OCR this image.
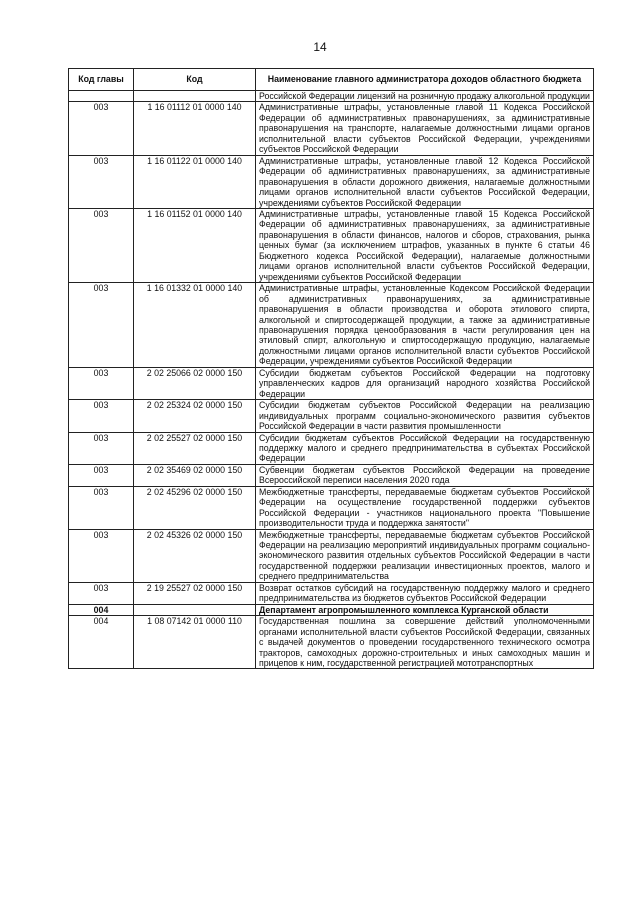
14
Код главы	Код	Наименование главного администратора доходов областного бюджета
		Российской Федерации лицензий на розничную продажу алкогольной продукции
003	1 16 01112 01 0000 140	Административные штрафы, установленные главой 11 Кодекса Российской Федерации об административных правонарушениях, за административные правонарушения на транспорте, налагаемые должностными лицами органов исполнительной власти субъектов Российской Федерации, учреждениями субъектов Российской Федерации
003	1 16 01122 01 0000 140	Административные штрафы, установленные главой 12 Кодекса Российской Федерации об административных правонарушениях, за административные правонарушения в области дорожного движения, налагаемые должностными лицами органов исполнительной власти субъектов Российской Федерации, учреждениями субъектов Российской Федерации
003	1 16 01152 01 0000 140	Административные штрафы, установленные главой 15 Кодекса Российской Федерации об административных правонарушениях, за административные правонарушения в области финансов, налогов и сборов, страхования, рынка ценных бумаг (за исключением штрафов, указанных в пункте 6 статьи 46 Бюджетного кодекса Российской Федерации), налагаемые должностными лицами органов исполнительной власти субъектов Российской Федерации, учреждениями субъектов Российской Федерации
003	1 16 01332 01 0000 140	Административные штрафы, установленные Кодексом Российской Федерации об административных правонарушениях, за административные правонарушения в области производства и оборота этилового спирта, алкогольной и спиртосодержащей продукции, а также за административные правонарушения порядка ценообразования в части регулирования цен на этиловый спирт, алкогольную и спиртосодержащую продукцию, налагаемые должностными лицами органов исполнительной власти субъектов Российской Федерации, учреждениями субъектов Российской Федерации
003	2 02 25066 02 0000 150	Субсидии бюджетам субъектов Российской Федерации на подготовку управленческих кадров для организаций народного хозяйства Российской Федерации
003	2 02 25324 02 0000 150	Субсидии бюджетам субъектов Российской Федерации на реализацию индивидуальных программ социально-экономического развития субъектов Российской Федерации в части развития промышленности
003	2 02 25527 02 0000 150	Субсидии бюджетам субъектов Российской Федерации на государственную поддержку малого и среднего предпринимательства в субъектах Российской Федерации
003	2 02 35469 02 0000 150	Субвенции бюджетам субъектов Российской Федерации на проведение Всероссийской переписи населения 2020 года
003	2 02 45296 02 0000 150	Межбюджетные трансферты, передаваемые бюджетам субъектов Российской Федерации на осуществление государственной поддержки субъектов Российской Федерации - участников национального проекта "Повышение производительности труда и поддержка занятости"
003	2 02 45326 02 0000 150	Межбюджетные трансферты, передаваемые бюджетам субъектов Российской Федерации на реализацию мероприятий индивидуальных программ социально-экономического развития отдельных субъектов Российской Федерации в части государственной поддержки реализации инвестиционных проектов, малого и среднего предпринимательства
003	2 19 25527 02 0000 150	Возврат остатков субсидий на государственную поддержку малого и среднего предпринимательства из бюджетов субъектов Российской Федерации
004		Департамент агропромышленного комплекса Курганской области
004	1 08 07142 01 0000 110	Государственная пошлина за совершение действий уполномоченными органами исполнительной власти субъектов Российской Федерации, связанных с выдачей документов о проведении государственного технического осмотра тракторов, самоходных дорожно-строительных и иных самоходных машин и прицепов к ним, государственной регистрацией мототранспортных
